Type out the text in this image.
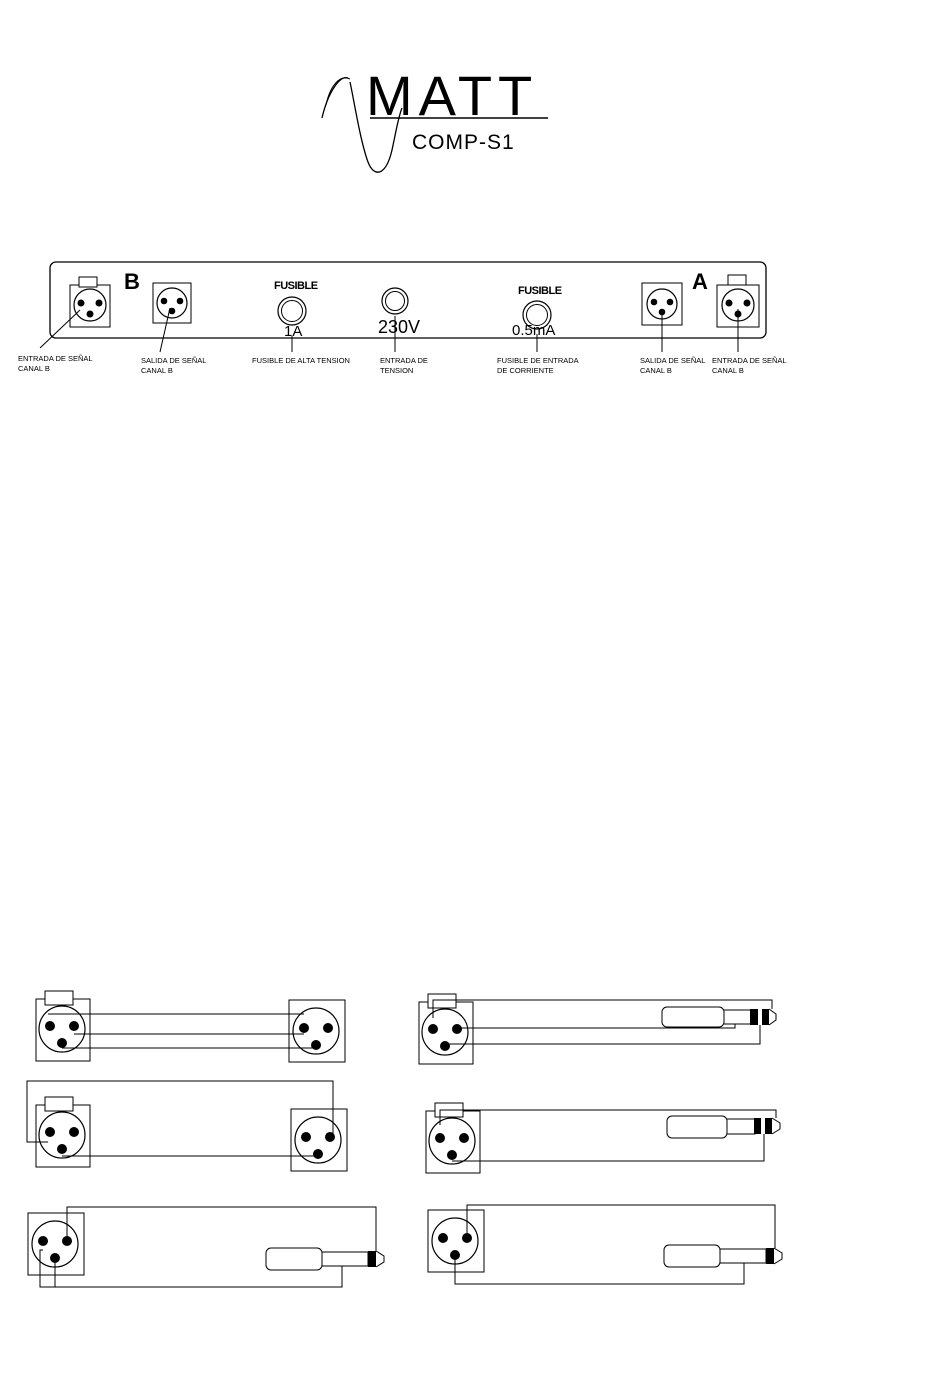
MATT
COMP-S1
B	A
FUSIBLE
1A	230V
FUSIBLE
0.5mA
ENTRADA DE SEÑAL
CANAL B
SALIDA DE SEÑAL
CANAL B
FUSIBLE DE ALTA TENSION	ENTRADA DE
TENSION
FUSIBLE DE ENTRADA
DE CORRIENTE
SALIDA DE SEÑAL
CANAL B
ENTRADA DE SEÑAL
CANAL B
